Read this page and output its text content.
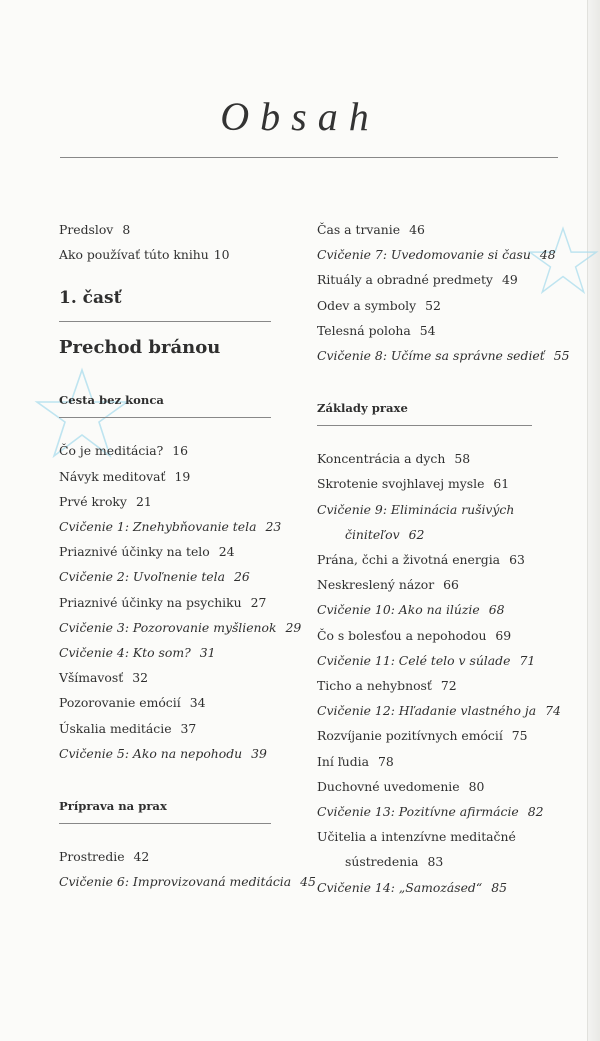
Obsah
Predslov 8
Ako používať túto knihu 10
1. časť
Prechod bránou
Cesta bez konca
Čo je meditácia? 16
Návyk meditovať 19
Prvé kroky 21
Cvičenie 1: Znehybňovanie tela 23
Priaznivé účinky na telo 24
Cvičenie 2: Uvoľnenie tela 26
Priaznivé účinky na psychiku 27
Cvičenie 3: Pozorovanie myšlienok 29
Cvičenie 4: Kto som? 31
Všímavosť 32
Pozorovanie emócií 34
Úskalia meditácie 37
Cvičenie 5: Ako na nepohodu 39
Príprava na prax
Prostredie 42
Cvičenie 6: Improvizovaná meditácia 45
Čas a trvanie 46
Cvičenie 7: Uvedomovanie si času 48
Rituály a obradné predmety 49
Odev a symboly 52
Telesná poloha 54
Cvičenie 8: Učíme sa správne sedieť 55
Základy praxe
Koncentrácia a dych 58
Skrotenie svojhlavej mysle 61
Cvičenie 9: Eliminácia rušivých
činiteľov 62
Prána, čchi a životná energia 63
Neskreslený názor 66
Cvičenie 10: Ako na ilúzie 68
Čo s bolesťou a nepohodou 69
Cvičenie 11: Celé telo v súlade 71
Ticho a nehybnosť 72
Cvičenie 12: Hľadanie vlastného ja 74
Rozvíjanie pozitívnych emócií 75
Iní ľudia 78
Duchovné uvedomenie 80
Cvičenie 13: Pozitívne afirmácie 82
Učitelia a intenzívne meditačné
sústredenia 83
Cvičenie 14: „Samozásed“ 85
